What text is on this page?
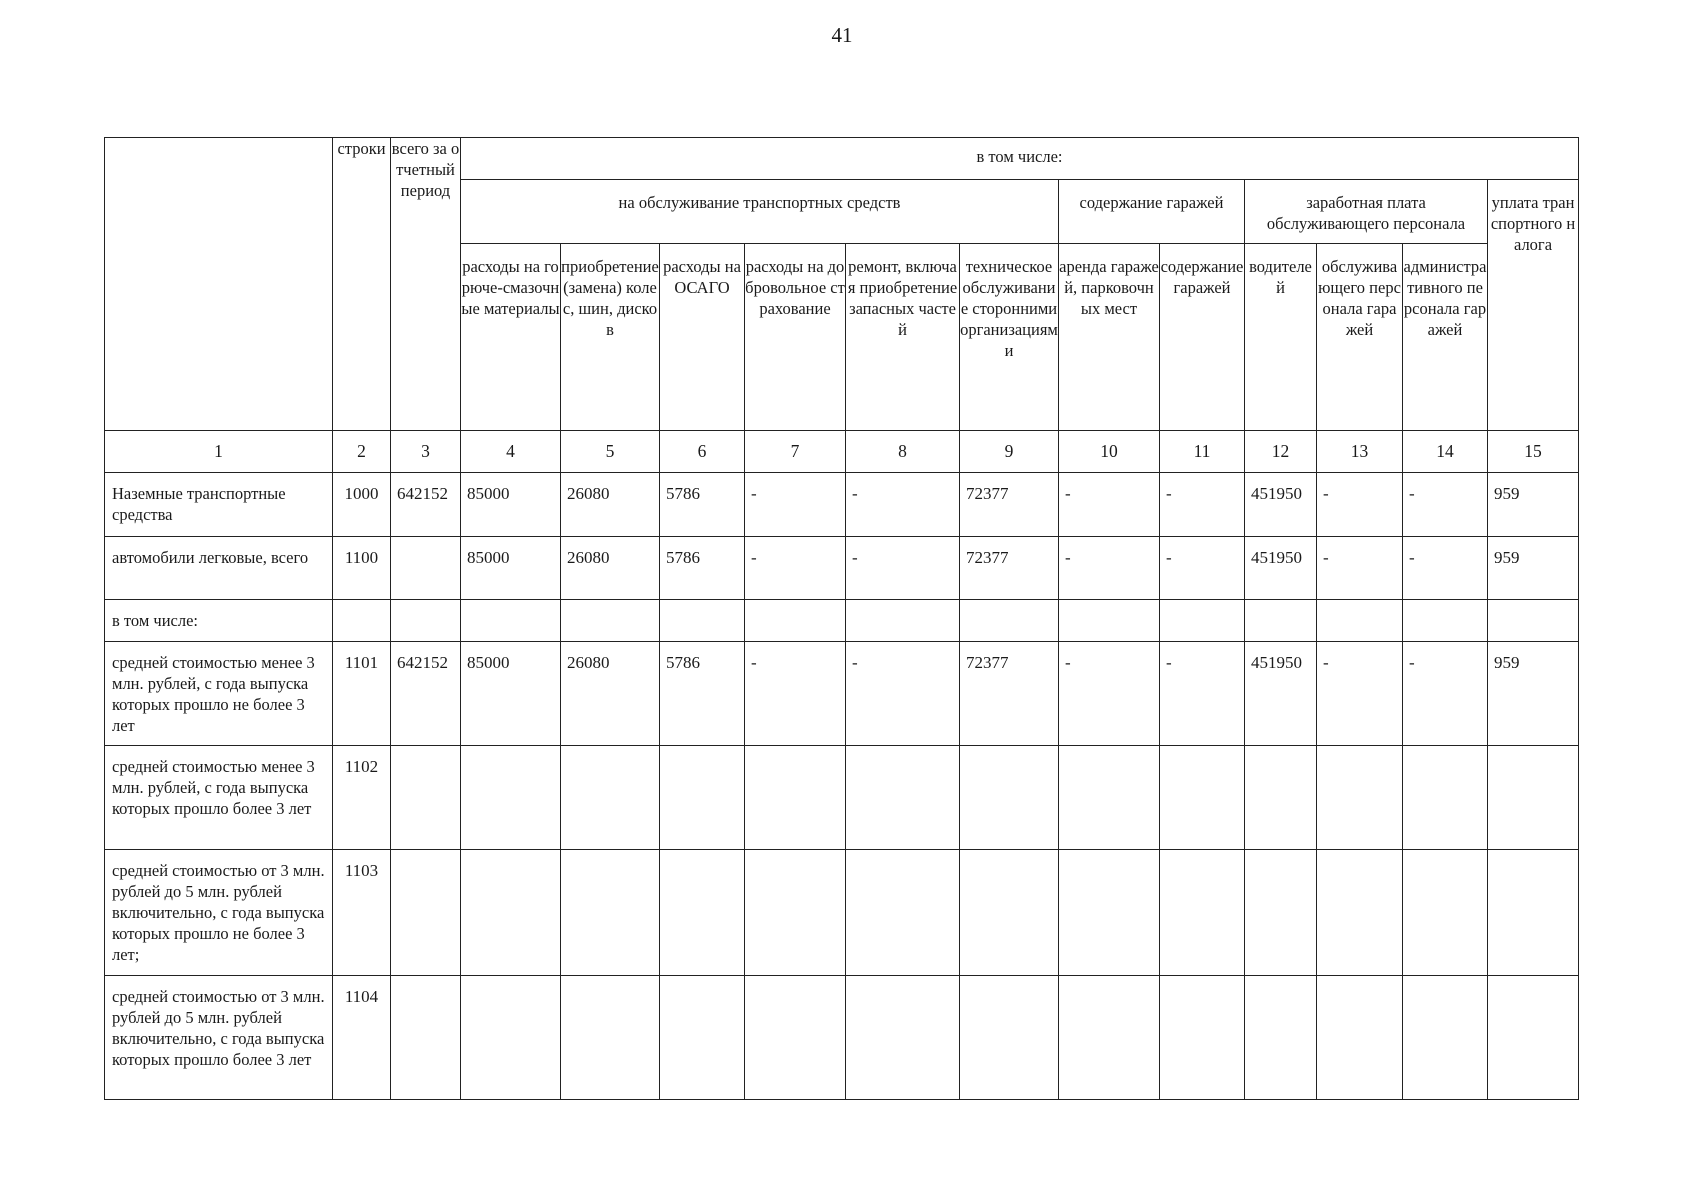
41

	строки	всего за отчетный период	в том числе:											

			на обслуживание транспортных средств						содержание гаражей		заработная плата обслуживающего персонала			уплата транспортного налога

			расходы на горюче-смазочные материалы	приобретение (замена) колес, шин, дисков	расходы на ОСАГО	расходы на добровольное страхование	ремонт, включая приобретение запасных частей	техническое обслуживание сторонними организациями	аренда гаражей, парковочных мест	содержание гаражей	водителей	обслуживающего персонала гаражей	административного персонала гаражей	

1	2	3	4	5	6	7	8	9	10	11	12	13	14	15
Наземные транспортные средства	1000	642152	85000	26080	5786	-	-	72377	-	-	451950	-	-	959
автомобили легковые, всего	1100		85000	26080	5786	-	-	72377	-	-	451950	-	-	959
в том числе:														
средней стоимостью менее 3 млн. рублей, с года выпуска которых прошло не более 3 лет	1101	642152	85000	26080	5786	-	-	72377	-	-	451950	-	-	959
средней стоимостью менее 3 млн. рублей, с года выпуска которых прошло более 3 лет	1102													
средней стоимостью от 3 млн. рублей до 5 млн. рублей включительно, с года выпуска которых прошло не более 3 лет;	1103													
средней стоимостью от 3 млн. рублей до 5 млн. рублей включительно, с года выпуска которых прошло более 3 лет	1104													
